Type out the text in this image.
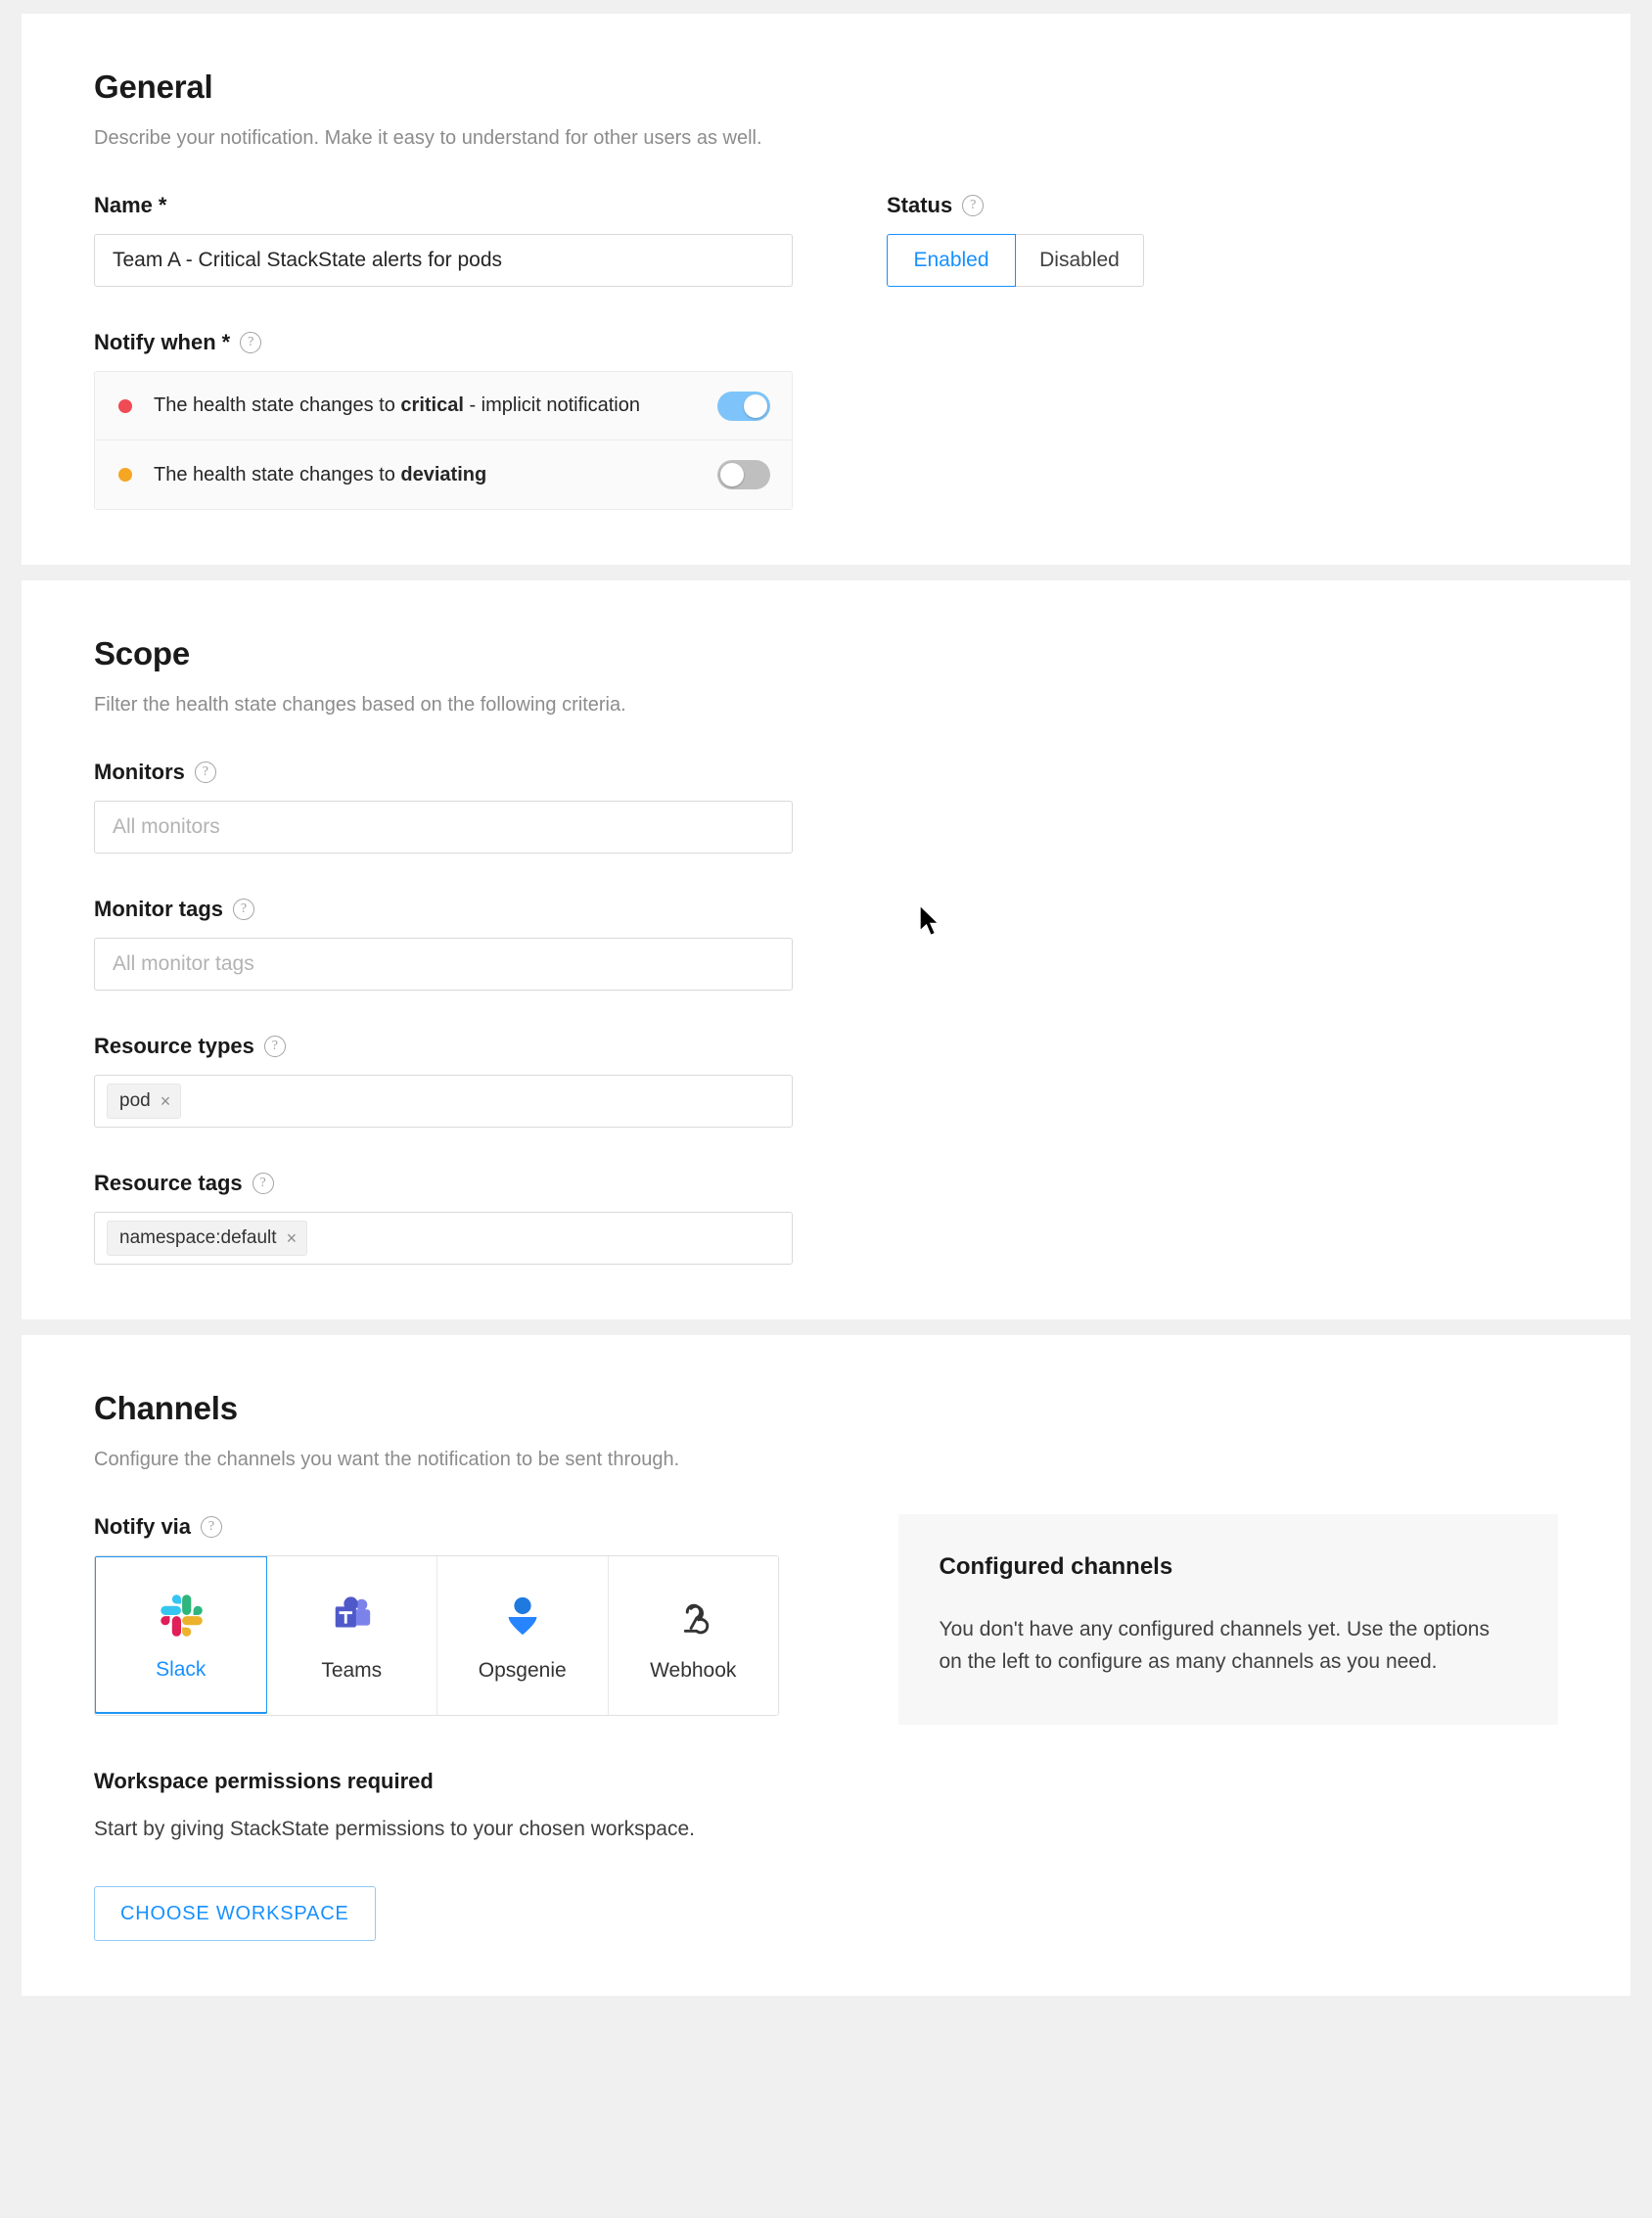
General

Describe your notification. Make it easy to understand for other users as well.

Name *
Team A - Critical StackState alerts for pods	Status	?
Enabled	Disabled
Notify when *	?
The health state changes to critical - implicit notification
The health state changes to deviating
Scope

Filter the health state changes based on the following criteria.

Monitors	?
All monitors
Monitor tags	?
All monitor tags
Resource types	?
pod ×
Resource tags	?
namespace:default ×
Channels

Configure the channels you want the notification to be sent through.

Notify via	?
Slack	Teams	Opsgenie	Webhook
Workspace permissions required

Start by giving StackState permissions to your chosen workspace.

CHOOSE WORKSPACE
Configured channels

You don't have any configured channels yet. Use the options on the left to configure as many channels as you need.
